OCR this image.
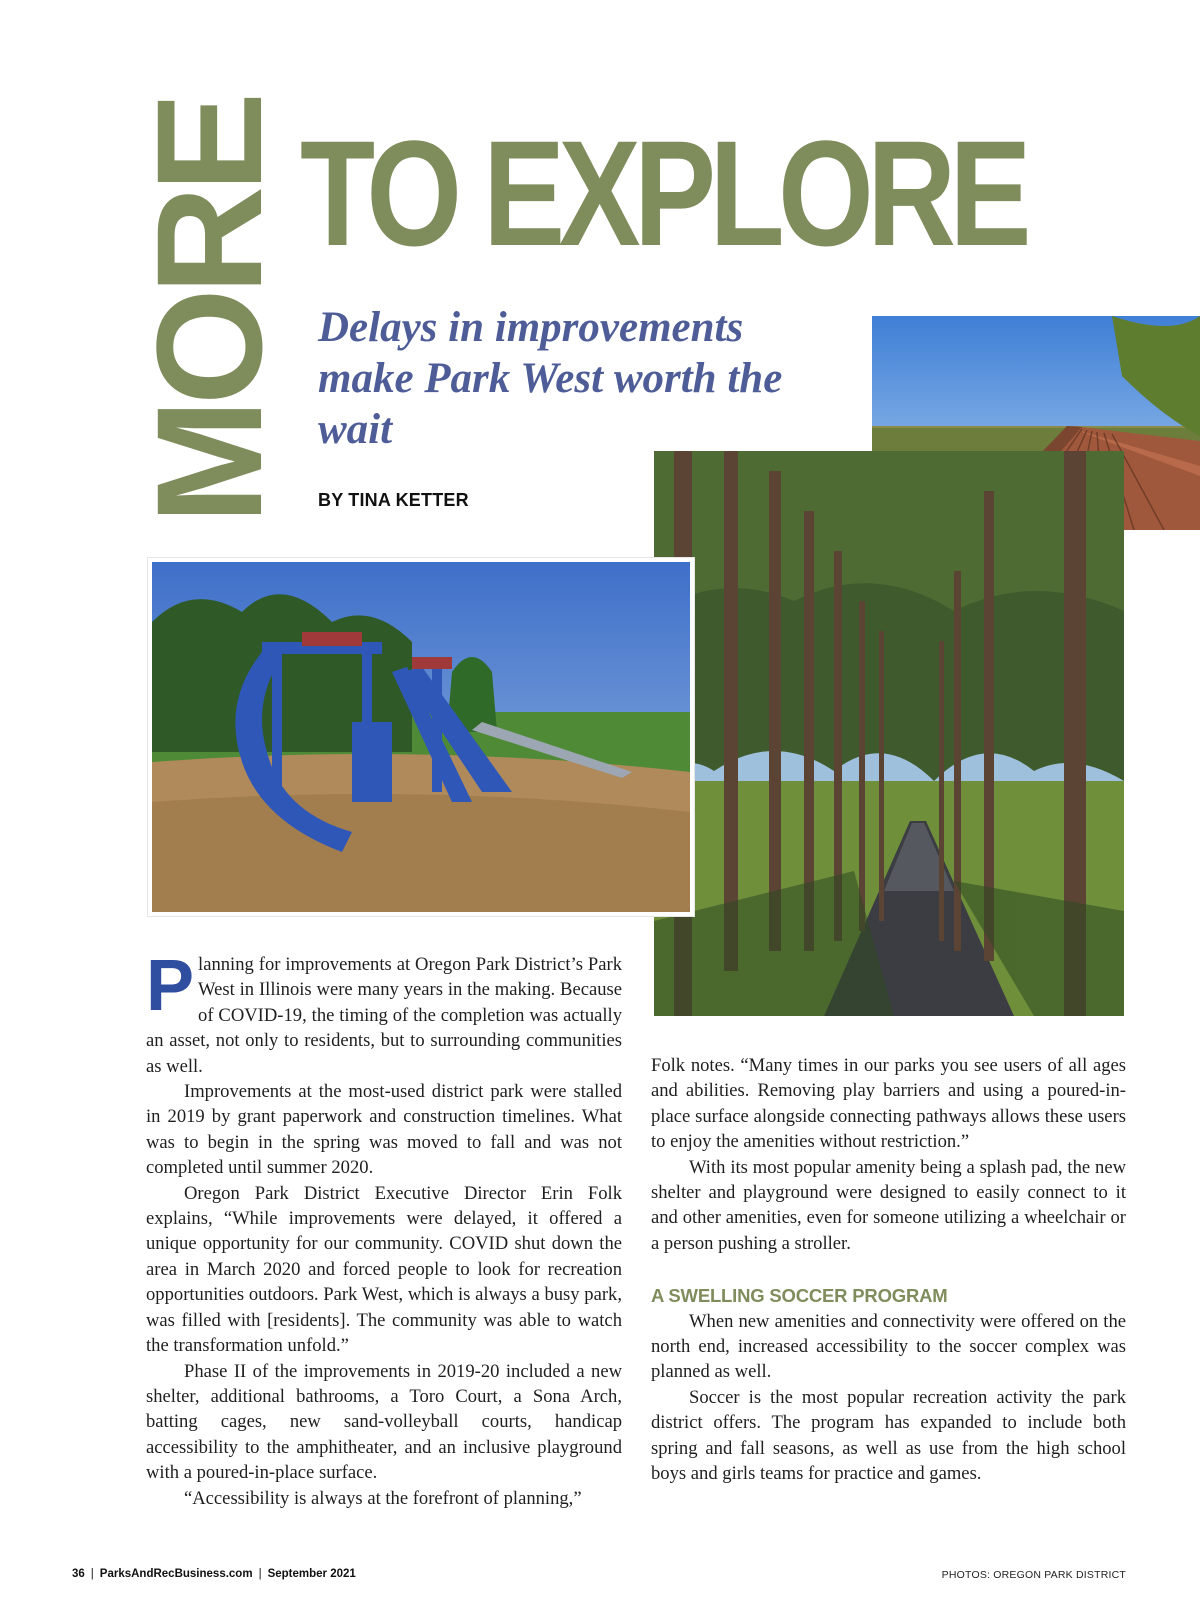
MORE TO EXPLORE
Delays in improvements make Park West worth the wait
BY TINA KETTER

Planning for improvements at Oregon Park District’s Park West in Illinois were many years in the making. Because of COVID-19, the timing of the completion was actually an asset, not only to residents, but to surrounding communities as well.

Improvements at the most-used district park were stalled in 2019 by grant paperwork and construction timelines. What was to begin in the spring was moved to fall and was not completed until summer 2020.

Oregon Park District Executive Director Erin Folk explains, “While improvements were delayed, it offered a unique opportunity for our community. COVID shut down the area in March 2020 and forced people to look for recreation opportunities outdoors. Park West, which is always a busy park, was filled with [residents]. The community was able to watch the transformation unfold.”

Phase II of the improvements in 2019-20 included a new shelter, additional bathrooms, a Toro Court, a Sona Arch, batting cages, new sand-volleyball courts, handicap accessibility to the amphitheater, and an inclusive playground with a poured-in-place surface.

“Accessibility is always at the forefront of planning,”

Folk notes. “Many times in our parks you see users of all ages and abilities. Removing play barriers and using a poured-in-place surface alongside connecting pathways allows these users to enjoy the amenities without restriction.”

With its most popular amenity being a splash pad, the new shelter and playground were designed to easily connect to it and other amenities, even for someone utilizing a wheelchair or a person pushing a stroller.

A SWELLING SOCCER PROGRAM

When new amenities and connectivity were offered on the north end, increased accessibility to the soccer complex was planned as well.

Soccer is the most popular recreation activity the park district offers. The program has expanded to include both spring and fall seasons, as well as use from the high school boys and girls teams for practice and games.

36 | ParksAndRecBusiness.com | September 2021	PHOTOS: OREGON PARK DISTRICT
